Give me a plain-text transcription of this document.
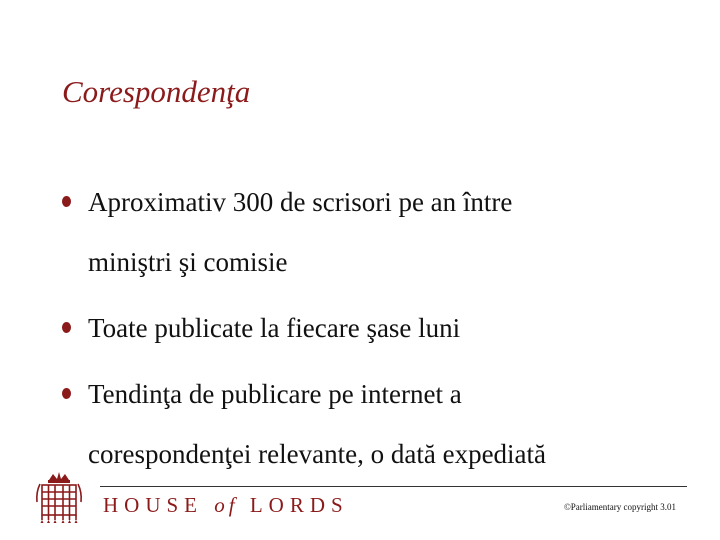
Corespondenţa
Aproximativ 300 de scrisori pe an între
miniştri şi comisie
Toate publicate la fiecare şase luni
Tendinţa de publicare pe internet a
corespondenţei relevante, o dată expediată
HOUSE of LORDS	©Parliamentary copyright 3.01
